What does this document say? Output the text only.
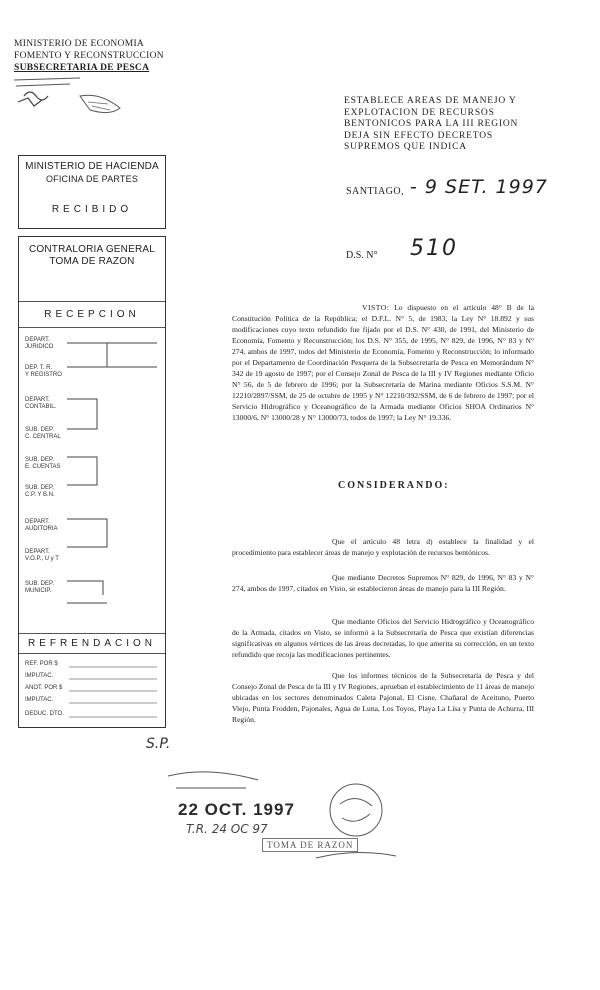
MINISTERIO DE ECONOMIA
FOMENTO Y RECONSTRUCCION
SUBSECRETARIA DE PESCA
ESTABLECE AREAS DE MANEJO Y EXPLOTACION DE RECURSOS BENTONICOS PARA LA III REGION DEJA SIN EFECTO DECRETOS SUPREMOS QUE INDICA
SANTIAGO, - 9 SET. 1997
D.S. N° 510
MINISTERIO DE HACIENDA
OFICINA DE PARTES
RECIBIDO
CONTRALORIA GENERAL
TOMA DE RAZON
RECEPCION
DEPART.
JURIDICO
DEP. T. R.
Y REGISTRO
DEPART.
CONTABIL.
SUB. DEP.
C. CENTRAL
SUB. DEP.
E. CUENTAS
SUB. DEP.
C.P. Y B.N.
DEPART.
AUDITORIA
DEPART.
V.O.P., U y T
SUB. DEP.
MUNICIP.
REFRENDACION
REF. POR $
IMPUTAC.
ANOT. POR $
IMPUTAC.
DEDUC. DTO.
S.P.
VISTO: Lo dispuesto en el artículo 48° B de la Constitución Política de la República; el D.F.L. N° 5, de 1983, la Ley N° 18.892 y sus modificaciones cuyo texto refundido fue fijado por el D.S. N° 430, de 1991, del Ministerio de Economía, Fomento y Reconstrucción; los D.S. N° 355, de 1995, N° 829, de 1996, N° 83 y N° 274, ambos de 1997, todos del Ministerio de Economía, Fomento y Reconstrucción; lo informado por el Departamento de Coordinación Pesquera de la Subsecretaría de Pesca en Memorándum N° 342 de 19 agosto de 1997; por el Consejo Zonal de Pesca de la III y IV Regiones mediante Oficio N° 56, de 5 de febrero de 1996; por la Subsecretaría de Marina mediante Oficios S.S.M. N° 12210/2897/SSM, de 25 de octubre de 1995 y N° 12210/392/SSM, de 6 de febrero de 1997; por el Servicio Hidrográfico y Oceanográfico de la Armada mediante Oficios SHOA Ordinarios N° 13000/6, N° 13000/28 y N° 13000/73, todos de 1997; la Ley N° 19.336.
CONSIDERANDO:
Que el artículo 48 letra d) establece la finalidad y el procedimiento para establecer áreas de manejo y explotación de recursos bentónicos.
Que mediante Decretos Supremos N° 829, de 1996, N° 83 y N° 274, ambos de 1997, citados en Visto, se establecieron áreas de manejo para la III Región.
Que mediante Oficios del Servicio Hidrográfico y Oceanográfico de la Armada, citados en Visto, se informó a la Subsecretaría de Pesca que existían diferencias significativas en algunos vértices de las áreas decretadas, lo que amerita su corrección, en un texto refundido que recoja las modificaciones pertinentes.
Que los informes técnicos de la Subsecretaría de Pesca y del Consejo Zonal de Pesca de la III y IV Regiones, aprueban el establecimiento de 11 áreas de manejo ubicadas en los sectores denominados Caleta Pajonal, El Cisne, Chañaral de Aceituno, Puerto Viejo, Punta Frodden, Pajonales, Agua de Luna, Los Toyos, Playa La Lisa y Punta de Achurra, III Región.
22 OCT. 1997
T.R. 24 OC 97
TOMA DE RAZON
